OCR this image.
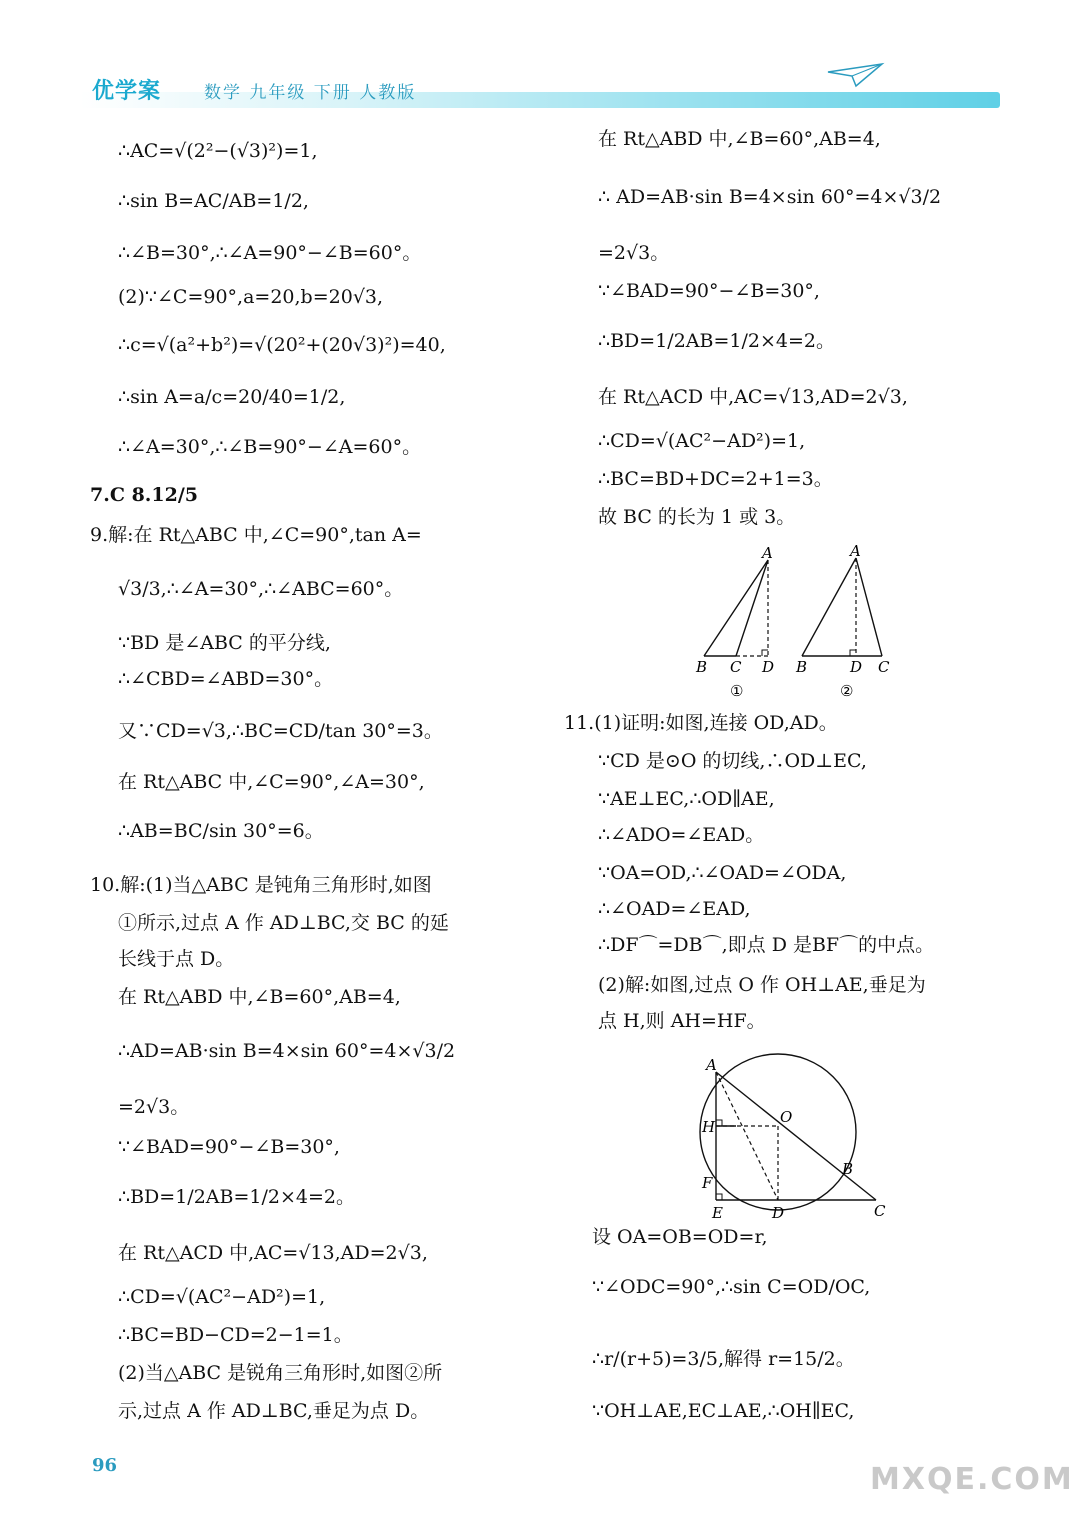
优学案	数学 九年级 下册 人教版
∴AC=√(2²−(√3)²)=1,
∴sin B=AC/AB=1/2,
∴∠B=30°,∴∠A=90°−∠B=60°。
(2)∵∠C=90°,a=20,b=20√3,
∴c=√(a²+b²)=√(20²+(20√3)²)=40,
∴sin A=a/c=20/40=1/2,
∴∠A=30°,∴∠B=90°−∠A=60°。
7.C 8.12/5
9.解:在 Rt△ABC 中,∠C=90°,tan A=
√3/3,∴∠A=30°,∴∠ABC=60°。
∵BD 是∠ABC 的平分线,
∴∠CBD=∠ABD=30°。
又∵CD=√3,∴BC=CD/tan 30°=3。
在 Rt△ABC 中,∠C=90°,∠A=30°,
∴AB=BC/sin 30°=6。
10.解:(1)当△ABC 是钝角三角形时,如图
①所示,过点 A 作 AD⊥BC,交 BC 的延
长线于点 D。
在 Rt△ABD 中,∠B=60°,AB=4,
∴AD=AB·sin B=4×sin 60°=4×√3/2
=2√3。
∵∠BAD=90°−∠B=30°,
∴BD=1/2AB=1/2×4=2。
在 Rt△ACD 中,AC=√13,AD=2√3,
∴CD=√(AC²−AD²)=1,
∴BC=BD−CD=2−1=1。
(2)当△ABC 是锐角三角形时,如图②所
示,过点 A 作 AD⊥BC,垂足为点 D。
在 Rt△ABD 中,∠B=60°,AB=4,
∴ AD=AB·sin B=4×sin 60°=4×√3/2
=2√3。
∵∠BAD=90°−∠B=30°,
∴BD=1/2AB=1/2×4=2。
在 Rt△ACD 中,AC=√13,AD=2√3,
∴CD=√(AC²−AD²)=1,
∴BC=BD+DC=2+1=3。
故 BC 的长为 1 或 3。
A
B C D
①
A
B	D C
②
11.(1)证明:如图,连接 OD,AD。
∵CD 是⊙O 的切线,∴OD⊥EC,
∵AE⊥EC,∴OD∥AE,
∴∠ADO=∠EAD。
∵OA=OD,∴∠OAD=∠ODA,
∴∠OAD=∠EAD,
∴DF⌒=DB⌒,即点 D 是BF⌒的中点。
(2)解:如图,过点 O 作 OH⊥AE,垂足为
点 H,则 AH=HF。
A
H
O
B
F
E	D	C
设 OA=OB=OD=r,
∵∠ODC=90°,∴sin C=OD/OC,
∴r/(r+5)=3/5,解得 r=15/2。
∵OH⊥AE,EC⊥AE,∴OH∥EC,
96	MXQE.COM
